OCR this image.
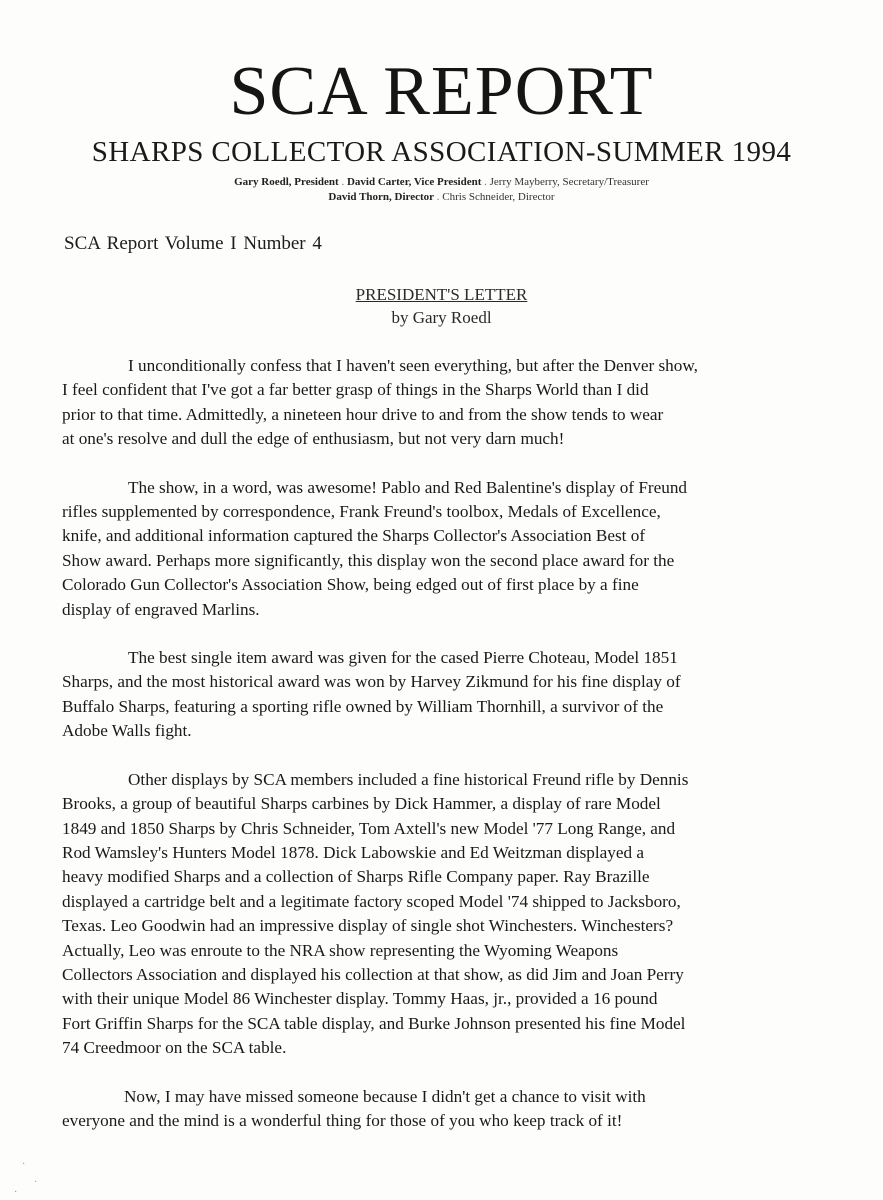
SCA REPORT
SHARPS COLLECTOR ASSOCIATION-SUMMER 1994
Gary Roedl, President . David Carter, Vice President . Jerry Mayberry, Secretary/Treasurer
David Thorn, Director . Chris Schneider, Director
SCA Report Volume I Number 4
PRESIDENT'S LETTER
by Gary Roedl

I unconditionally confess that I haven't seen everything, but after the Denver show,
I feel confident that I've got a far better grasp of things in the Sharps World than I did
prior to that time. Admittedly, a nineteen hour drive to and from the show tends to wear
at one's resolve and dull the edge of enthusiasm, but not very darn much!

The show, in a word, was awesome! Pablo and Red Balentine's display of Freund
rifles supplemented by correspondence, Frank Freund's toolbox, Medals of Excellence,
knife, and additional information captured the Sharps Collector's Association Best of
Show award. Perhaps more significantly, this display won the second place award for the
Colorado Gun Collector's Association Show, being edged out of first place by a fine
display of engraved Marlins.

The best single item award was given for the cased Pierre Choteau, Model 1851
Sharps, and the most historical award was won by Harvey Zikmund for his fine display of
Buffalo Sharps, featuring a sporting rifle owned by William Thornhill, a survivor of the
Adobe Walls fight.

Other displays by SCA members included a fine historical Freund rifle by Dennis
Brooks, a group of beautiful Sharps carbines by Dick Hammer, a display of rare Model
1849 and 1850 Sharps by Chris Schneider, Tom Axtell's new Model '77 Long Range, and
Rod Wamsley's Hunters Model 1878. Dick Labowskie and Ed Weitzman displayed a
heavy modified Sharps and a collection of Sharps Rifle Company paper. Ray Brazille
displayed a cartridge belt and a legitimate factory scoped Model '74 shipped to Jacksboro,
Texas. Leo Goodwin had an impressive display of single shot Winchesters. Winchesters?
Actually, Leo was enroute to the NRA show representing the Wyoming Weapons
Collectors Association and displayed his collection at that show, as did Jim and Joan Perry
with their unique Model 86 Winchester display. Tommy Haas, jr., provided a 16 pound
Fort Griffin Sharps for the SCA table display, and Burke Johnson presented his fine Model
74 Creedmoor on the SCA table.

Now, I may have missed someone because I didn't get a chance to visit with
everyone and the mind is a wonderful thing for those of you who keep track of it!

·
·
·
